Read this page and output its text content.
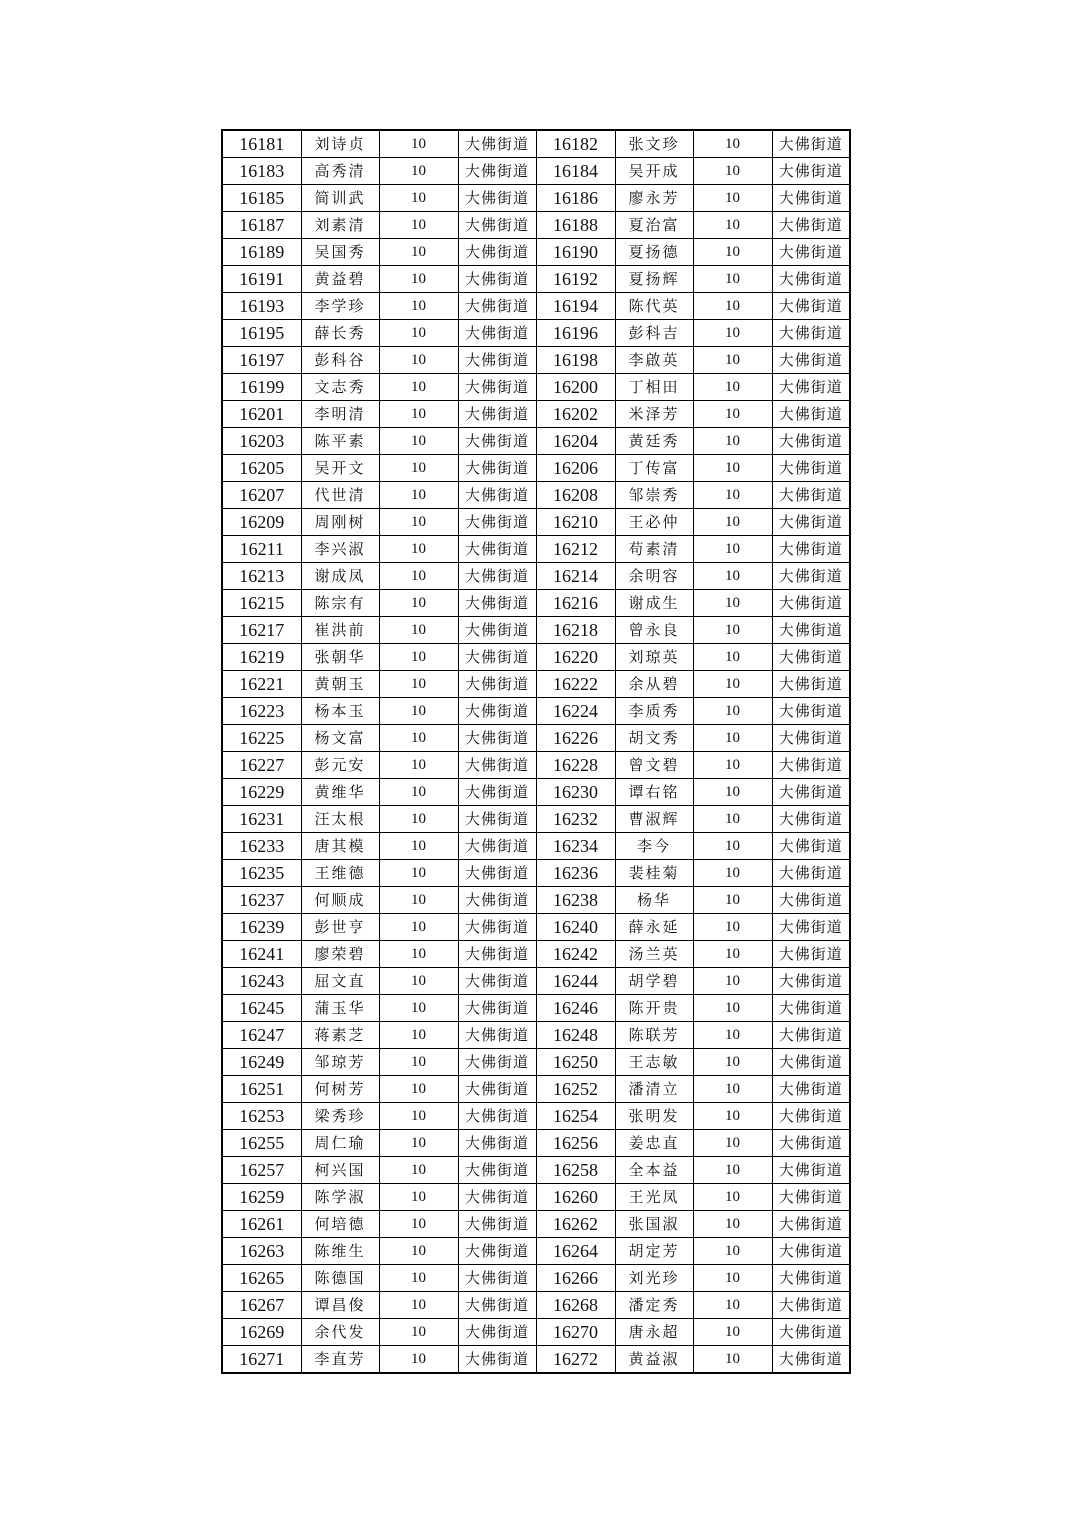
16181	刘诗贞	10	大佛街道	16182	张文珍	10	大佛街道
16183	高秀清	10	大佛街道	16184	吴开成	10	大佛街道
16185	简训武	10	大佛街道	16186	廖永芳	10	大佛街道
16187	刘素清	10	大佛街道	16188	夏治富	10	大佛街道
16189	吴国秀	10	大佛街道	16190	夏扬德	10	大佛街道
16191	黄益碧	10	大佛街道	16192	夏扬辉	10	大佛街道
16193	李学珍	10	大佛街道	16194	陈代英	10	大佛街道
16195	薛长秀	10	大佛街道	16196	彭科吉	10	大佛街道
16197	彭科谷	10	大佛街道	16198	李啟英	10	大佛街道
16199	文志秀	10	大佛街道	16200	丁相田	10	大佛街道
16201	李明清	10	大佛街道	16202	米泽芳	10	大佛街道
16203	陈平素	10	大佛街道	16204	黄廷秀	10	大佛街道
16205	吴开文	10	大佛街道	16206	丁传富	10	大佛街道
16207	代世清	10	大佛街道	16208	邹崇秀	10	大佛街道
16209	周刚树	10	大佛街道	16210	王必仲	10	大佛街道
16211	李兴淑	10	大佛街道	16212	苟素清	10	大佛街道
16213	谢成凤	10	大佛街道	16214	余明容	10	大佛街道
16215	陈宗有	10	大佛街道	16216	谢成生	10	大佛街道
16217	崔洪前	10	大佛街道	16218	曾永良	10	大佛街道
16219	张朝华	10	大佛街道	16220	刘琼英	10	大佛街道
16221	黄朝玉	10	大佛街道	16222	余从碧	10	大佛街道
16223	杨本玉	10	大佛街道	16224	李质秀	10	大佛街道
16225	杨文富	10	大佛街道	16226	胡文秀	10	大佛街道
16227	彭元安	10	大佛街道	16228	曾文碧	10	大佛街道
16229	黄维华	10	大佛街道	16230	谭右铭	10	大佛街道
16231	汪太根	10	大佛街道	16232	曹淑辉	10	大佛街道
16233	唐其模	10	大佛街道	16234	李今	10	大佛街道
16235	王维德	10	大佛街道	16236	裴桂菊	10	大佛街道
16237	何顺成	10	大佛街道	16238	杨华	10	大佛街道
16239	彭世亨	10	大佛街道	16240	薛永延	10	大佛街道
16241	廖荣碧	10	大佛街道	16242	汤兰英	10	大佛街道
16243	屈文直	10	大佛街道	16244	胡学碧	10	大佛街道
16245	蒲玉华	10	大佛街道	16246	陈开贵	10	大佛街道
16247	蒋素芝	10	大佛街道	16248	陈联芳	10	大佛街道
16249	邹琼芳	10	大佛街道	16250	王志敏	10	大佛街道
16251	何树芳	10	大佛街道	16252	潘清立	10	大佛街道
16253	梁秀珍	10	大佛街道	16254	张明发	10	大佛街道
16255	周仁瑜	10	大佛街道	16256	姜忠直	10	大佛街道
16257	柯兴国	10	大佛街道	16258	全本益	10	大佛街道
16259	陈学淑	10	大佛街道	16260	王光凤	10	大佛街道
16261	何培德	10	大佛街道	16262	张国淑	10	大佛街道
16263	陈维生	10	大佛街道	16264	胡定芳	10	大佛街道
16265	陈德国	10	大佛街道	16266	刘光珍	10	大佛街道
16267	谭昌俊	10	大佛街道	16268	潘定秀	10	大佛街道
16269	余代发	10	大佛街道	16270	唐永超	10	大佛街道
16271	李直芳	10	大佛街道	16272	黄益淑	10	大佛街道
